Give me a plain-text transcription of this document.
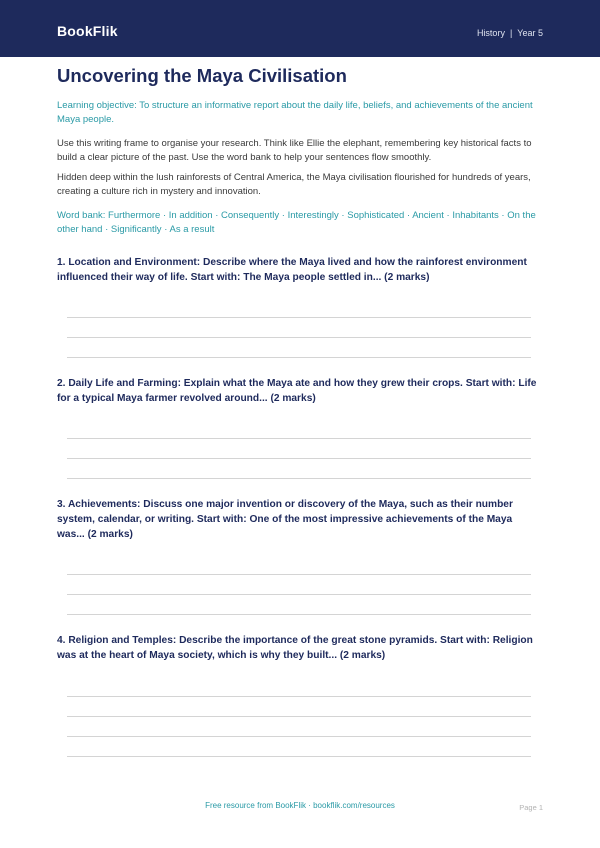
BookFlik	History | Year 5
Uncovering the Maya Civilisation

Learning objective: To structure an informative report about the daily life, beliefs, and achievements of the ancient Maya people.

Use this writing frame to organise your research. Think like Ellie the elephant, remembering key historical facts to build a clear picture of the past. Use the word bank to help your sentences flow smoothly.

Hidden deep within the lush rainforests of Central America, the Maya civilisation flourished for hundreds of years, creating a culture rich in mystery and innovation.

Word bank: Furthermore · In addition · Consequently · Interestingly · Sophisticated · Ancient · Inhabitants · On the other hand · Significantly · As a result

1. Location and Environment: Describe where the Maya lived and how the rainforest environment influenced their way of life. Start with: The Maya people settled in... (2 marks)
2. Daily Life and Farming: Explain what the Maya ate and how they grew their crops. Start with: Life for a typical Maya farmer revolved around... (2 marks)
3. Achievements: Discuss one major invention or discovery of the Maya, such as their number system, calendar, or writing. Start with: One of the most impressive achievements of the Maya was... (2 marks)
4. Religion and Temples: Describe the importance of the great stone pyramids. Start with: Religion was at the heart of Maya society, which is why they built... (2 marks)
Free resource from BookFlik · bookflik.com/resources	Page 1
